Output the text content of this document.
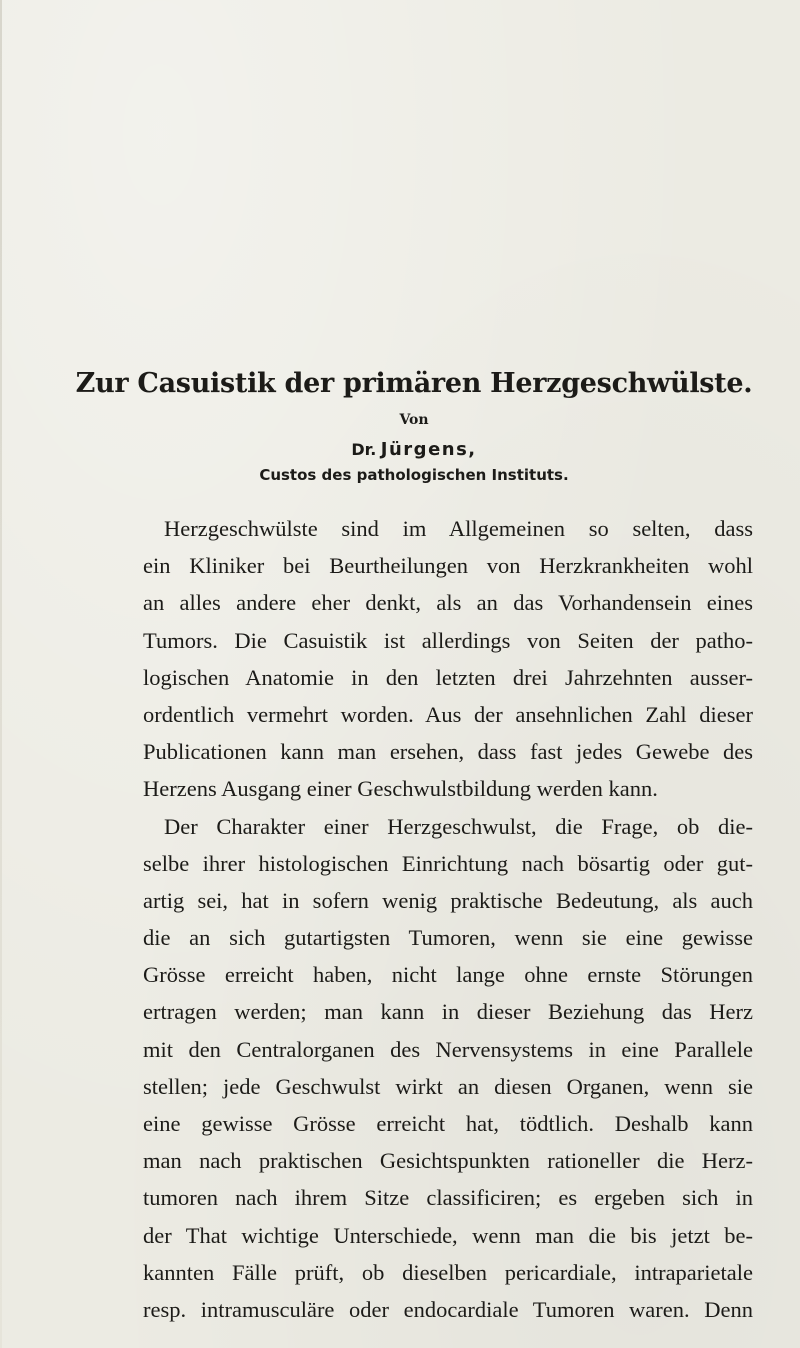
Zur Casuistik der primären Herzgeschwülste.
Von
Dr. Jürgens,
Custos des pathologischen Instituts.
Herzgeschwülste sind im Allgemeinen so selten, dass
ein Kliniker bei Beurtheilungen von Herzkrankheiten wohl
an alles andere eher denkt, als an das Vorhandensein eines
Tumors. Die Casuistik ist allerdings von Seiten der patho-
logischen Anatomie in den letzten drei Jahrzehnten ausser-
ordentlich vermehrt worden. Aus der ansehnlichen Zahl dieser
Publicationen kann man ersehen, dass fast jedes Gewebe des
Herzens Ausgang einer Geschwulstbildung werden kann.
Der Charakter einer Herzgeschwulst, die Frage, ob die-
selbe ihrer histologischen Einrichtung nach bösartig oder gut-
artig sei, hat in sofern wenig praktische Bedeutung, als auch
die an sich gutartigsten Tumoren, wenn sie eine gewisse
Grösse erreicht haben, nicht lange ohne ernste Störungen
ertragen werden; man kann in dieser Beziehung das Herz
mit den Centralorganen des Nervensystems in eine Parallele
stellen; jede Geschwulst wirkt an diesen Organen, wenn sie
eine gewisse Grösse erreicht hat, tödtlich. Deshalb kann
man nach praktischen Gesichtspunkten rationeller die Herz-
tumoren nach ihrem Sitze classificiren; es ergeben sich in
der That wichtige Unterschiede, wenn man die bis jetzt be-
kannten Fälle prüft, ob dieselben pericardiale, intraparietale
resp. intramusculäre oder endocardiale Tumoren waren. Denn
